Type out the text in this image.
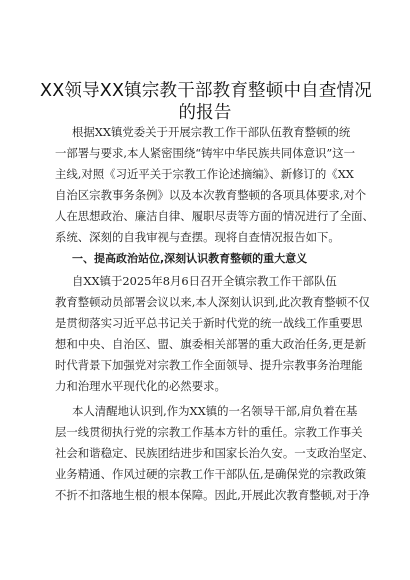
XX领导XX镇宗教干部教育整顿中自查情况
的报告
根据XX镇党委关于开展宗教工作干部队伍教育整顿的统
一部署与要求,本人紧密围绕“铸牢中华民族共同体意识”这一
主线,对照《习近平关于宗教工作论述摘编》、新修订的《XX
自治区宗教事务条例》以及本次教育整顿的各项具体要求,对个
人在思想政治、廉洁自律、履职尽责等方面的情况进行了全面、
系统、深刻的自我审视与查摆。现将自查情况报告如下。
一、提高政治站位,深刻认识教育整顿的重大意义
自XX镇于2025年8月6日召开全镇宗教工作干部队伍
教育整顿动员部署会议以来,本人深刻认识到,此次教育整顿不仅
是贯彻落实习近平总书记关于新时代党的统一战线工作重要思
想和中央、自治区、盟、旗委相关部署的重大政治任务,更是新
时代背景下加强党对宗教工作全面领导、提升宗教事务治理能
力和治理水平现代化的必然要求。
本人清醒地认识到,作为XX镇的一名领导干部,肩负着在基
层一线贯彻执行党的宗教工作基本方针的重任。宗教工作事关
社会和谐稳定、民族团结进步和国家长治久安。一支政治坚定、
业务精通、作风过硬的宗教工作干部队伍,是确保党的宗教政策
不折不扣落地生根的根本保障。因此,开展此次教育整顿,对于净
